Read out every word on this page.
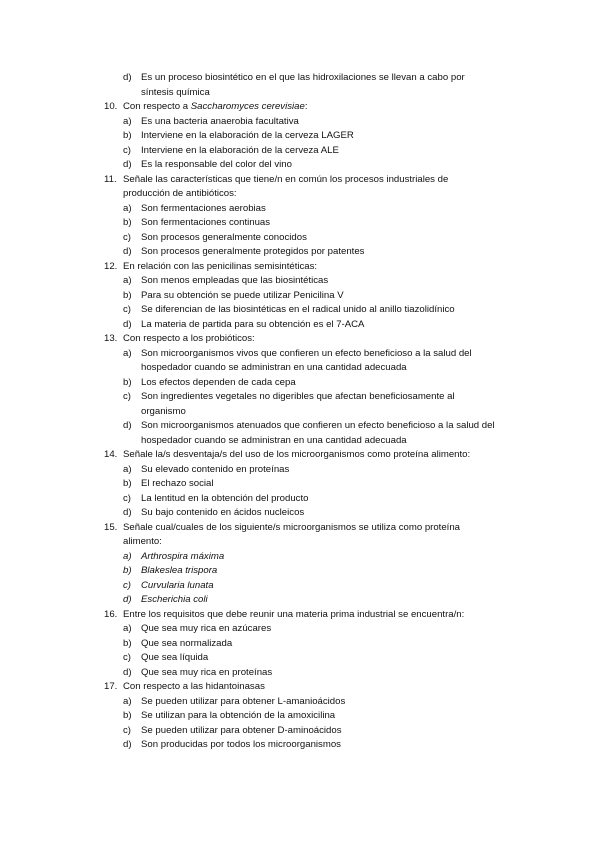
d) Es un proceso biosintético en el que las hidroxilaciones se llevan a cabo por
síntesis química
10. Con respecto a Saccharomyces cerevisiae:
a) Es una bacteria anaerobia facultativa
b) Interviene en la elaboración de la cerveza LAGER
c) Interviene en la elaboración de la cerveza ALE
d) Es la responsable del color del vino
11. Señale las características que tiene/n en común los procesos industriales de
producción de antibióticos:
a) Son fermentaciones aerobias
b) Son fermentaciones continuas
c) Son procesos generalmente conocidos
d) Son procesos generalmente protegidos por patentes
12. En relación con las penicilinas semisintéticas:
a) Son menos empleadas que las biosintéticas
b) Para su obtención se puede utilizar Penicilina V
c) Se diferencian de las biosintéticas en el radical unido al anillo tiazolidínico
d) La materia de partida para su obtención es el 7-ACA
13. Con respecto a los probióticos:
a) Son microorganismos vivos que confieren un efecto beneficioso a la salud del
hospedador cuando se administran en una cantidad adecuada
b) Los efectos dependen de cada cepa
c) Son ingredientes vegetales no digeribles que afectan beneficiosamente al
organismo
d) Son microorganismos atenuados que confieren un efecto beneficioso a la salud del
hospedador cuando se administran en una cantidad adecuada
14. Señale la/s desventaja/s del uso de los microorganismos como proteína alimento:
a) Su elevado contenido en proteínas
b) El rechazo social
c) La lentitud en la obtención del producto
d) Su bajo contenido en ácidos nucleicos
15. Señale cual/cuales de los siguiente/s microorganismos se utiliza como proteína
alimento:
a) Arthrospira máxima
b) Blakeslea trispora
c) Curvularia lunata
d) Escherichia coli
16. Entre los requisitos que debe reunir una materia prima industrial se encuentra/n:
a) Que sea muy rica en azúcares
b) Que sea normalizada
c) Que sea líquida
d) Que sea muy rica en proteínas
17. Con respecto a las hidantoinasas
a) Se pueden utilizar para obtener L-amanioácidos
b) Se utilizan para la obtención de la amoxicilina
c) Se pueden utilizar para obtener D-aminoácidos
d) Son producidas por todos los microorganismos
